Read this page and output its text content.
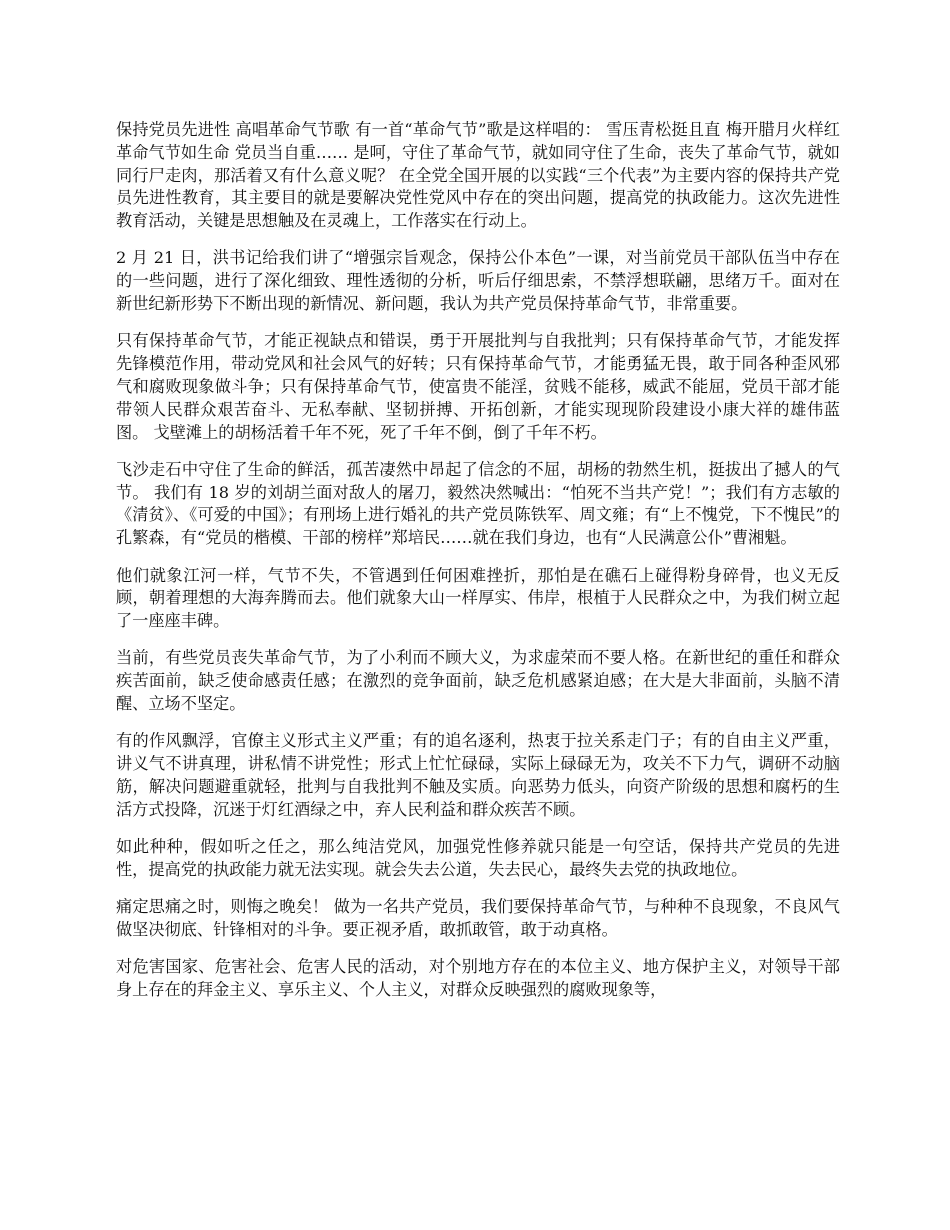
保持党员先进性 高唱革命气节歌 有一首“革命气节”歌是这样唱的： 雪压青松挺且直 梅开腊月火样红 革命气节如生命 党员当自重…… 是呵，守住了革命气节，就如同守住了生命，丧失了革命气节，就如同行尸走肉，那活着又有什么意义呢？ 在全党全国开展的以实践“三个代表”为主要内容的保持共产党员先进性教育，其主要目的就是要解决党性党风中存在的突出问题，提高党的执政能力。这次先进性教育活动，关键是思想触及在灵魂上，工作落实在行动上。

2 月 21 日，洪书记给我们讲了“增强宗旨观念，保持公仆本色”一课，对当前党员干部队伍当中存在的一些问题，进行了深化细致、理性透彻的分析，听后仔细思索，不禁浮想联翩，思绪万千。面对在新世纪新形势下不断出现的新情况、新问题，我认为共产党员保持革命气节，非常重要。

只有保持革命气节，才能正视缺点和错误，勇于开展批判与自我批判；只有保持革命气节，才能发挥先锋模范作用，带动党风和社会风气的好转；只有保持革命气节，才能勇猛无畏，敢于同各种歪风邪气和腐败现象做斗争；只有保持革命气节，使富贵不能淫，贫贱不能移，威武不能屈，党员干部才能带领人民群众艰苦奋斗、无私奉献、坚韧拼搏、开拓创新，才能实现现阶段建设小康大祥的雄伟蓝图。 戈壁滩上的胡杨活着千年不死，死了千年不倒，倒了千年不朽。

飞沙走石中守住了生命的鲜活，孤苦凄然中昂起了信念的不屈，胡杨的勃然生机，挺拔出了撼人的气节。 我们有 18 岁的刘胡兰面对敌人的屠刀，毅然决然喊出：“怕死不当共产党！”；我们有方志敏的《清贫》、《可爱的中国》；有刑场上进行婚礼的共产党员陈铁军、周文雍；有“上不愧党，下不愧民”的孔繁森，有“党员的楷模、干部的榜样”郑培民……就在我们身边，也有“人民满意公仆”曹湘魁。

他们就象江河一样，气节不失，不管遇到任何困难挫折，那怕是在礁石上碰得粉身碎骨，也义无反顾，朝着理想的大海奔腾而去。他们就象大山一样厚实、伟岸，根植于人民群众之中，为我们树立起了一座座丰碑。

当前，有些党员丧失革命气节，为了小利而不顾大义，为求虚荣而不要人格。在新世纪的重任和群众疾苦面前，缺乏使命感责任感；在激烈的竞争面前，缺乏危机感紧迫感；在大是大非面前，头脑不清醒、立场不坚定。

有的作风飘浮，官僚主义形式主义严重；有的追名逐利，热衷于拉关系走门子；有的自由主义严重，讲义气不讲真理，讲私情不讲党性；形式上忙忙碌碌，实际上碌碌无为，攻关不下力气，调研不动脑筋，解决问题避重就轻，批判与自我批判不触及实质。向恶势力低头，向资产阶级的思想和腐朽的生活方式投降，沉迷于灯红酒绿之中，弃人民利益和群众疾苦不顾。

如此种种，假如听之任之，那么纯洁党风，加强党性修养就只能是一句空话，保持共产党员的先进性，提高党的执政能力就无法实现。就会失去公道，失去民心，最终失去党的执政地位。

痛定思痛之时，则悔之晚矣！ 做为一名共产党员，我们要保持革命气节，与种种不良现象，不良风气做坚决彻底、针锋相对的斗争。要正视矛盾，敢抓敢管，敢于动真格。

对危害国家、危害社会、危害人民的活动，对个别地方存在的本位主义、地方保护主义，对领导干部身上存在的拜金主义、享乐主义、个人主义，对群众反映强烈的腐败现象等，
